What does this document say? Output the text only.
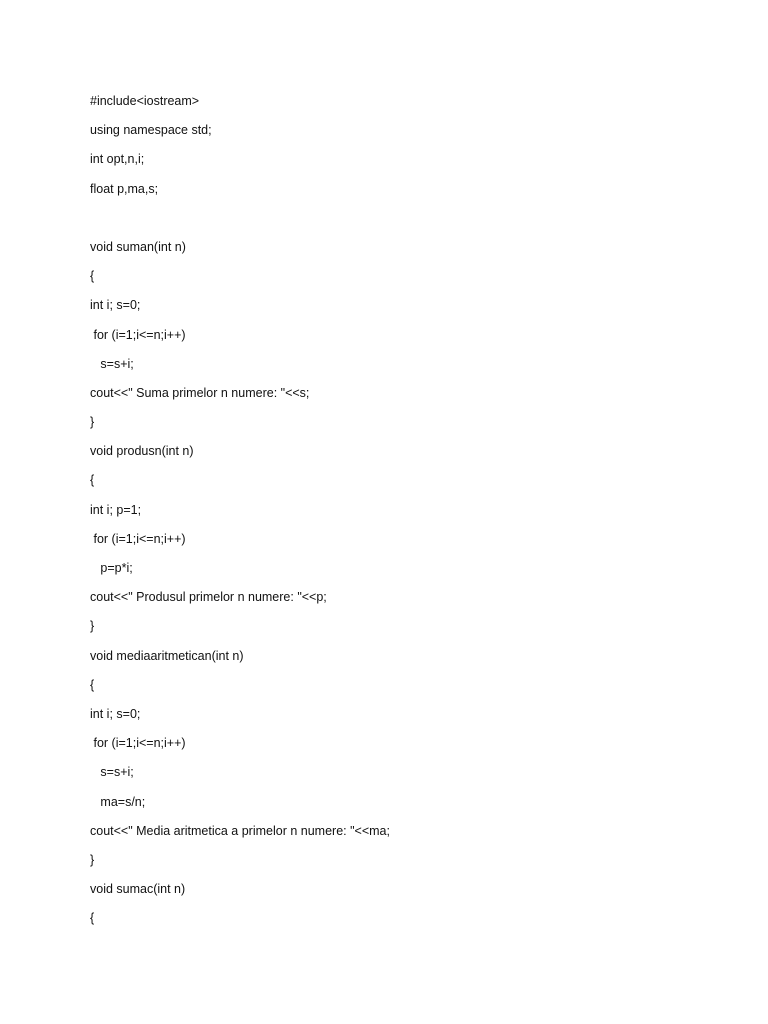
#include<iostream>
using namespace std;
int opt,n,i;
float p,ma,s;
void suman(int n)
{
int i; s=0;
for (i=1;i<=n;i++)
s=s+i;
cout<<" Suma primelor n numere: "<<s;
}
void produsn(int n)
{
int i; p=1;
for (i=1;i<=n;i++)
p=p*i;
cout<<" Produsul primelor n numere: "<<p;
}
void mediaaritmetican(int n)
{
int i; s=0;
for (i=1;i<=n;i++)
s=s+i;
ma=s/n;
cout<<" Media aritmetica a primelor n numere: "<<ma;
}
void sumac(int n)
{
